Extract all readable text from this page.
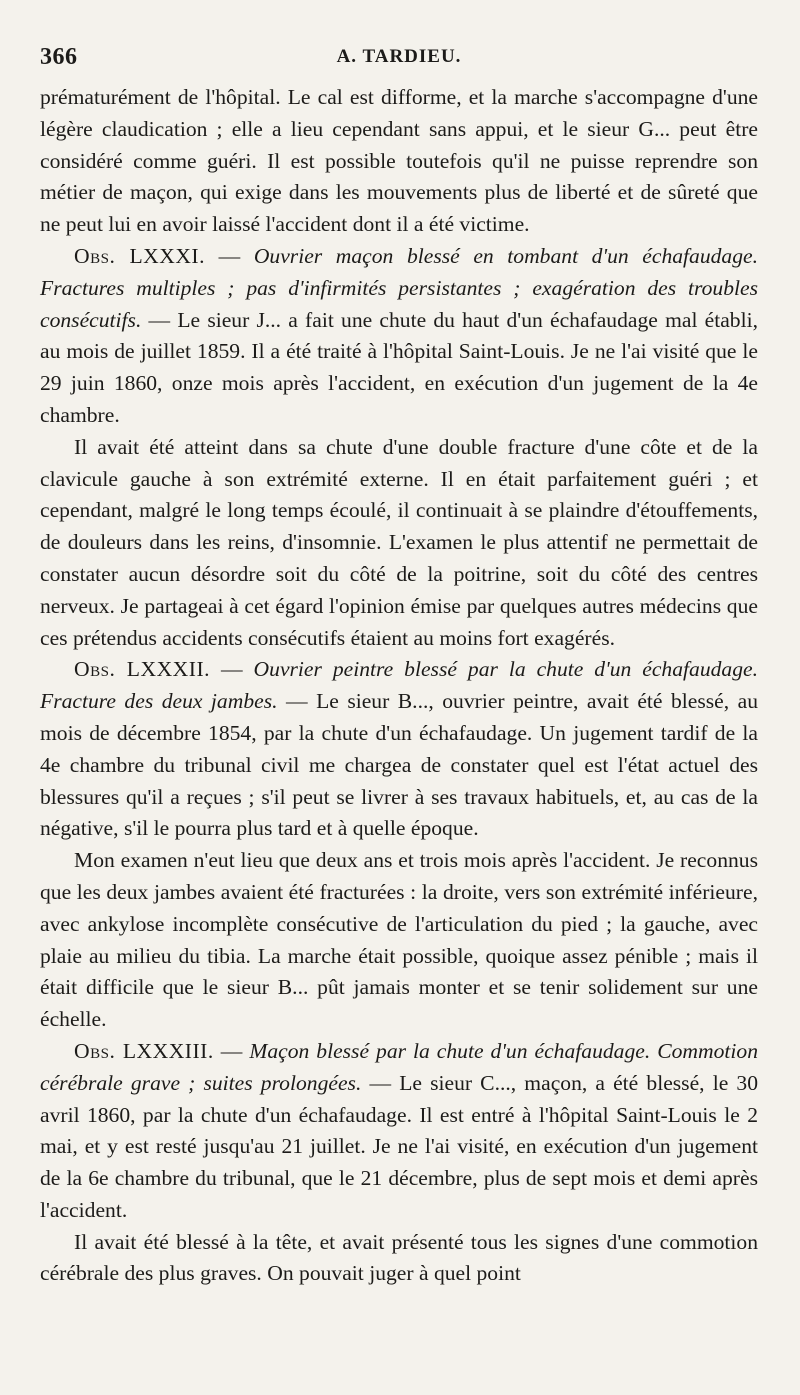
366	A. TARDIEU.

prématurément de l'hôpital. Le cal est difforme, et la marche s'accompagne d'une légère claudication ; elle a lieu cependant sans appui, et le sieur G... peut être considéré comme guéri. Il est possible toutefois qu'il ne puisse reprendre son métier de maçon, qui exige dans les mouvements plus de liberté et de sûreté que ne peut lui en avoir laissé l'accident dont il a été victime.

Obs. LXXXI. — Ouvrier maçon blessé en tombant d'un échafaudage. Fractures multiples ; pas d'infirmités persistantes ; exagération des troubles consécutifs. — Le sieur J... a fait une chute du haut d'un échafaudage mal établi, au mois de juillet 1859. Il a été traité à l'hôpital Saint-Louis. Je ne l'ai visité que le 29 juin 1860, onze mois après l'accident, en exécution d'un jugement de la 4e chambre.

Il avait été atteint dans sa chute d'une double fracture d'une côte et de la clavicule gauche à son extrémité externe. Il en était parfaitement guéri ; et cependant, malgré le long temps écoulé, il continuait à se plaindre d'étouffements, de douleurs dans les reins, d'insomnie. L'examen le plus attentif ne permettait de constater aucun désordre soit du côté de la poitrine, soit du côté des centres nerveux. Je partageai à cet égard l'opinion émise par quelques autres médecins que ces prétendus accidents consécutifs étaient au moins fort exagérés.

Obs. LXXXII. — Ouvrier peintre blessé par la chute d'un échafaudage. Fracture des deux jambes. — Le sieur B..., ouvrier peintre, avait été blessé, au mois de décembre 1854, par la chute d'un échafaudage. Un jugement tardif de la 4e chambre du tribunal civil me chargea de constater quel est l'état actuel des blessures qu'il a reçues ; s'il peut se livrer à ses travaux habituels, et, au cas de la négative, s'il le pourra plus tard et à quelle époque.

Mon examen n'eut lieu que deux ans et trois mois après l'accident. Je reconnus que les deux jambes avaient été fracturées : la droite, vers son extrémité inférieure, avec ankylose incomplète consécutive de l'articulation du pied ; la gauche, avec plaie au milieu du tibia. La marche était possible, quoique assez pénible ; mais il était difficile que le sieur B... pût jamais monter et se tenir solidement sur une échelle.

Obs. LXXXIII. — Maçon blessé par la chute d'un échafaudage. Commotion cérébrale grave ; suites prolongées. — Le sieur C..., maçon, a été blessé, le 30 avril 1860, par la chute d'un échafaudage. Il est entré à l'hôpital Saint-Louis le 2 mai, et y est resté jusqu'au 21 juillet. Je ne l'ai visité, en exécution d'un jugement de la 6e chambre du tribunal, que le 21 décembre, plus de sept mois et demi après l'accident.

Il avait été blessé à la tête, et avait présenté tous les signes d'une commotion cérébrale des plus graves. On pouvait juger à quel point
